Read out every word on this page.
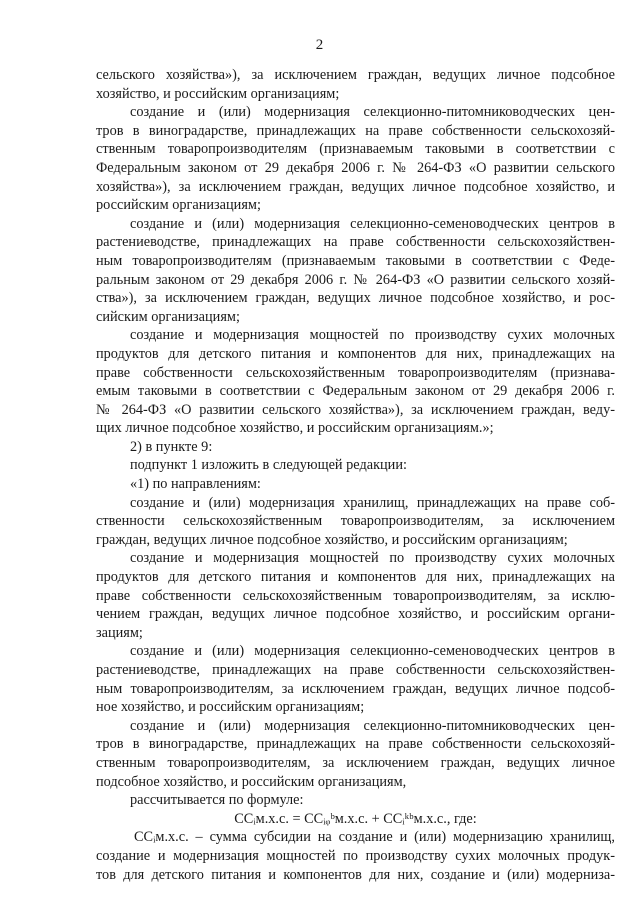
2
сельского хозяйства»), за исключением граждан, ведущих личное подсобное
хозяйство, и российским организациям;
создание и (или) модернизация селекционно-питомниководческих цен-
тров в виноградарстве, принадлежащих на праве собственности сельскохозяй-
ственным товаропроизводителям (признаваемым таковыми в соответствии с
Федеральным законом от 29 декабря 2006 г. № 264-ФЗ «О развитии сельского
хозяйства»), за исключением граждан, ведущих личное подсобное хозяйство, и
российским организациям;
создание и (или) модернизация селекционно-семеноводческих центров в
растениеводстве, принадлежащих на праве собственности сельскохозяйствен-
ным товаропроизводителям (признаваемым таковыми в соответствии с Феде-
ральным законом от 29 декабря 2006 г. № 264-ФЗ «О развитии сельского хозяй-
ства»), за исключением граждан, ведущих личное подсобное хозяйство, и рос-
сийским организациям;
создание и модернизация мощностей по производству сухих молочных
продуктов для детского питания и компонентов для них, принадлежащих на
праве собственности сельскохозяйственным товаропроизводителям (признава-
емым таковыми в соответствии с Федеральным законом от 29 декабря 2006 г.
№ 264-ФЗ «О развитии сельского хозяйства»), за исключением граждан, веду-
щих личное подсобное хозяйство, и российским организациям.»;
2) в пункте 9:
подпункт 1 изложить в следующей редакции:
«1) по направлениям:
создание и (или) модернизация хранилищ, принадлежащих на праве соб-
ственности сельскохозяйственным товаропроизводителям, за исключением
граждан, ведущих личное подсобное хозяйство, и российским организациям;
создание и модернизация мощностей по производству сухих молочных
продуктов для детского питания и компонентов для них, принадлежащих на
праве собственности сельскохозяйственным товаропроизводителям, за исклю-
чением граждан, ведущих личное подсобное хозяйство, и российским органи-
зациям;
создание и (или) модернизация селекционно-семеноводческих центров в
растениеводстве, принадлежащих на праве собственности сельскохозяйствен-
ным товаропроизводителям, за исключением граждан, ведущих личное подсоб-
ное хозяйство, и российским организациям;
создание и (или) модернизация селекционно-питомниководческих цен-
тров в виноградарстве, принадлежащих на праве собственности сельскохозяй-
ственным товаропроизводителям, за исключением граждан, ведущих личное
подсобное хозяйство, и российским организациям,
рассчитывается по формуле:
ССᵢм.х.с. = ССᵢᵩᵇм.х.с. + ССᵢᵏᵇм.х.с., где:
ССᵢм.х.с. – сумма субсидии на создание и (или) модернизацию хранилищ,
создание и модернизация мощностей по производству сухих молочных продук-
тов для детского питания и компонентов для них, создание и (или) модерниза-
